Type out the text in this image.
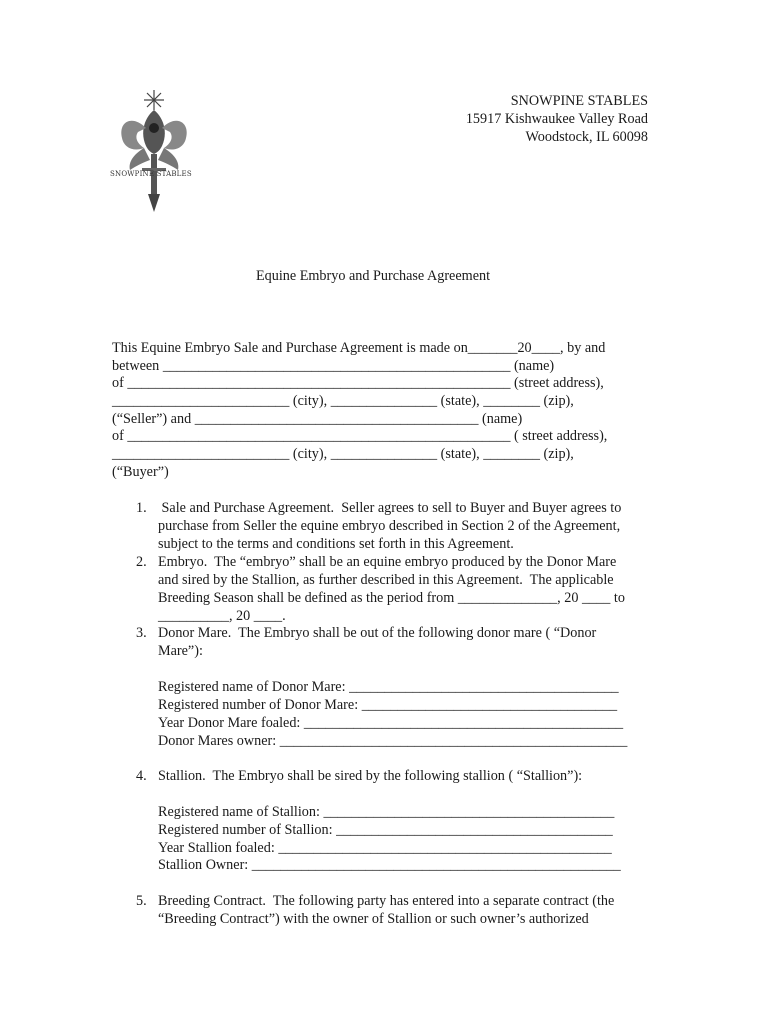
SNOWPINE STABLES
SNOWPINE STABLES
15917 Kishwaukee Valley Road
Woodstock, IL 60098
Equine Embryo and Purchase Agreement
This Equine Embryo Sale and Purchase Agreement is made on_______20____, by and
between _________________________________________________ (name)
of ______________________________________________________ (street address),
_________________________ (city), _______________ (state), ________ (zip),
(“Seller”) and ________________________________________ (name)
of ______________________________________________________ ( street address),
_________________________ (city), _______________ (state), ________ (zip),
(“Buyer”)
1. Sale and Purchase Agreement.  Seller agrees to sell to Buyer and Buyer agrees to
purchase from Seller the equine embryo described in Section 2 of the Agreement,
subject to the terms and conditions set forth in this Agreement.
2. Embryo.  The “embryo” shall be an equine embryo produced by the Donor Mare
and sired by the Stallion, as further described in this Agreement.  The applicable
Breeding Season shall be defined as the period from ______________, 20 ____ to
__________, 20 ____.
3. Donor Mare.  The Embryo shall be out of the following donor mare ( “Donor
Mare”):
Registered name of Donor Mare: ______________________________________
Registered number of Donor Mare: ____________________________________
Year Donor Mare foaled: _____________________________________________
Donor Mares owner: _________________________________________________
4. Stallion.  The Embryo shall be sired by the following stallion ( “Stallion”):
Registered name of Stallion: _________________________________________
Registered number of Stallion: _______________________________________
Year Stallion foaled: _______________________________________________
Stallion Owner: ____________________________________________________
5. Breeding Contract.  The following party has entered into a separate contract (the
“Breeding Contract”) with the owner of Stallion or such owner’s authorized
